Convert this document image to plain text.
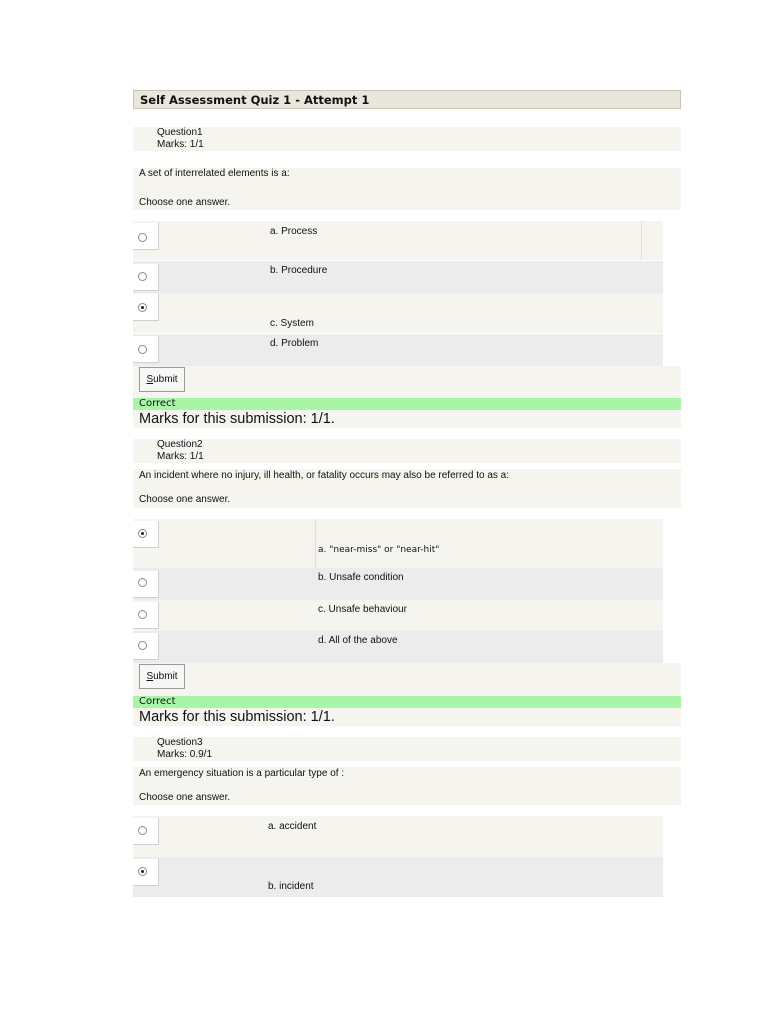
Self Assessment Quiz 1 - Attempt 1
Question1
Marks: 1/1
A set of interrelated elements is a:
Choose one answer.
a. Process
b. Procedure
c. System
d. Problem
Submit
Correct
Marks for this submission: 1/1.
Question2
Marks: 1/1
An incident where no injury, ill health, or fatality occurs may also be referred to as a:
Choose one answer.
a. "near-miss" or "near-hit"
b. Unsafe condition
c. Unsafe behaviour
d. All of the above
Submit
Correct
Marks for this submission: 1/1.
Question3
Marks: 0.9/1
An emergency situation is a particular type of :
Choose one answer.
a. accident
b. incident
